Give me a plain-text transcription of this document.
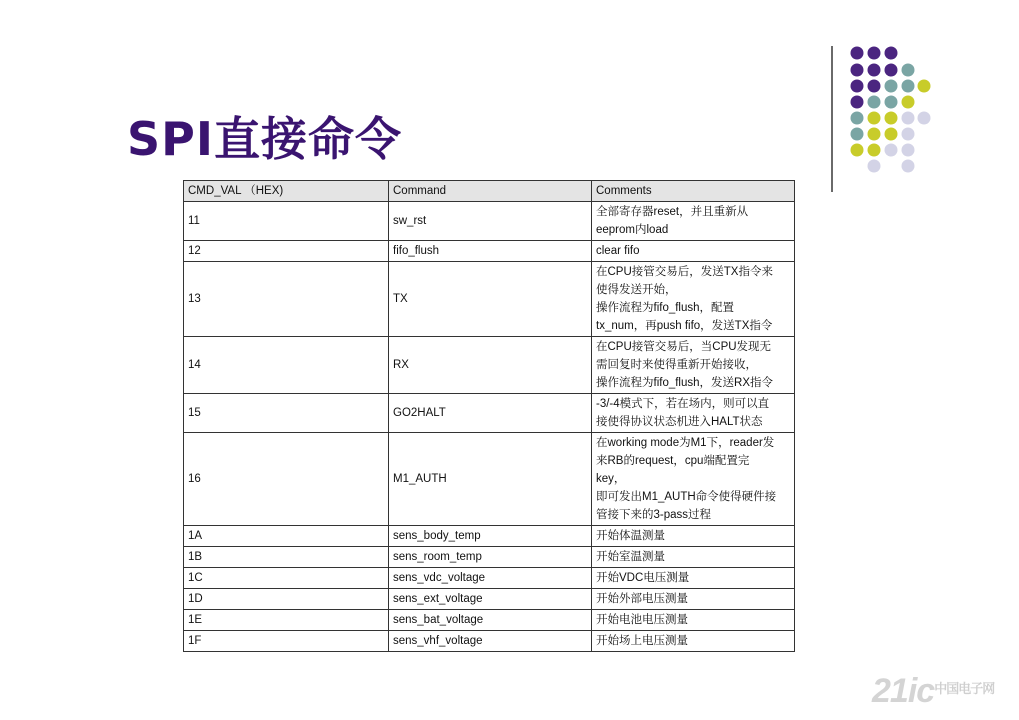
SPI直接命令
CMD_VAL （HEX)	Command	Comments
11	sw_rst	全部寄存器reset，并且重新从
eeprom内load
12	fifo_flush	clear fifo
13	TX	在CPU接管交易后，发送TX指令来
使得发送开始，
操作流程为fifo_flush，配置
tx_num，再push fifo，发送TX指令
14	RX	在CPU接管交易后，当CPU发现无
需回复时来使得重新开始接收，
操作流程为fifo_flush，发送RX指令
15	GO2HALT	-3/-4模式下，若在场内，则可以直
接使得协议状态机进入HALT状态
16	M1_AUTH	在working mode为M1下，reader发
来RB的request，cpu端配置完
key，
即可发出M1_AUTH命令使得硬件接
管接下来的3-pass过程
1A	sens_body_temp	开始体温测量
1B	sens_room_temp	开始室温测量
1C	sens_vdc_voltage	开始VDC电压测量
1D	sens_ext_voltage	开始外部电压测量
1E	sens_bat_voltage	开始电池电压测量
1F	sens_vhf_voltage	开始场上电压测量
21ic中国电子网
